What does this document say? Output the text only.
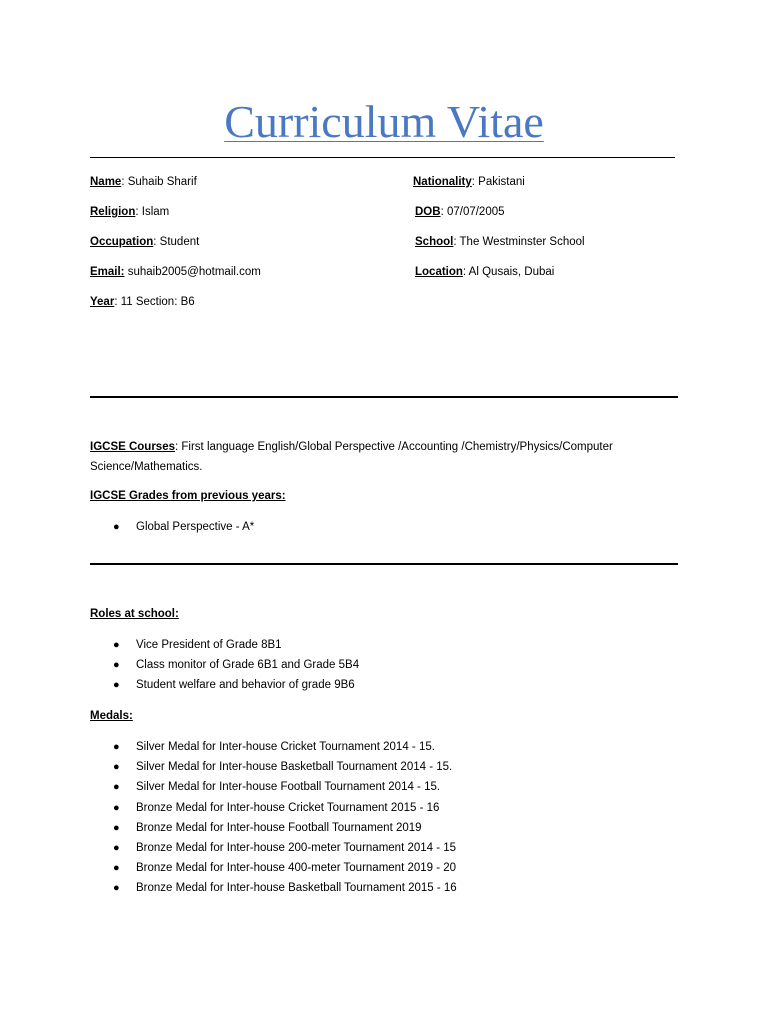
Curriculum Vitae
Name: Suhaib Sharif	Nationality: Pakistani
Religion: Islam	DOB: 07/07/2005
Occupation: Student	School: The Westminster School
Email: suhaib2005@hotmail.com	Location: Al Qusais, Dubai
Year: 11 Section: B6
IGCSE Courses: First language English/Global Perspective /Accounting /Chemistry/Physics/Computer Science/Mathematics.
IGCSE Grades from previous years:
● Global Perspective - A*
Roles at school:
● Vice President of Grade 8B1
● Class monitor of Grade 6B1 and Grade 5B4
● Student welfare and behavior of grade 9B6
Medals:
● Silver Medal for Inter-house Cricket Tournament 2014 - 15.
● Silver Medal for Inter-house Basketball Tournament 2014 - 15.
● Silver Medal for Inter-house Football Tournament 2014 - 15.
● Bronze Medal for Inter-house Cricket Tournament 2015 - 16
● Bronze Medal for Inter-house Football Tournament 2019
● Bronze Medal for Inter-house 200-meter Tournament 2014 - 15
● Bronze Medal for Inter-house 400-meter Tournament 2019 - 20
● Bronze Medal for Inter-house Basketball Tournament 2015 - 16
